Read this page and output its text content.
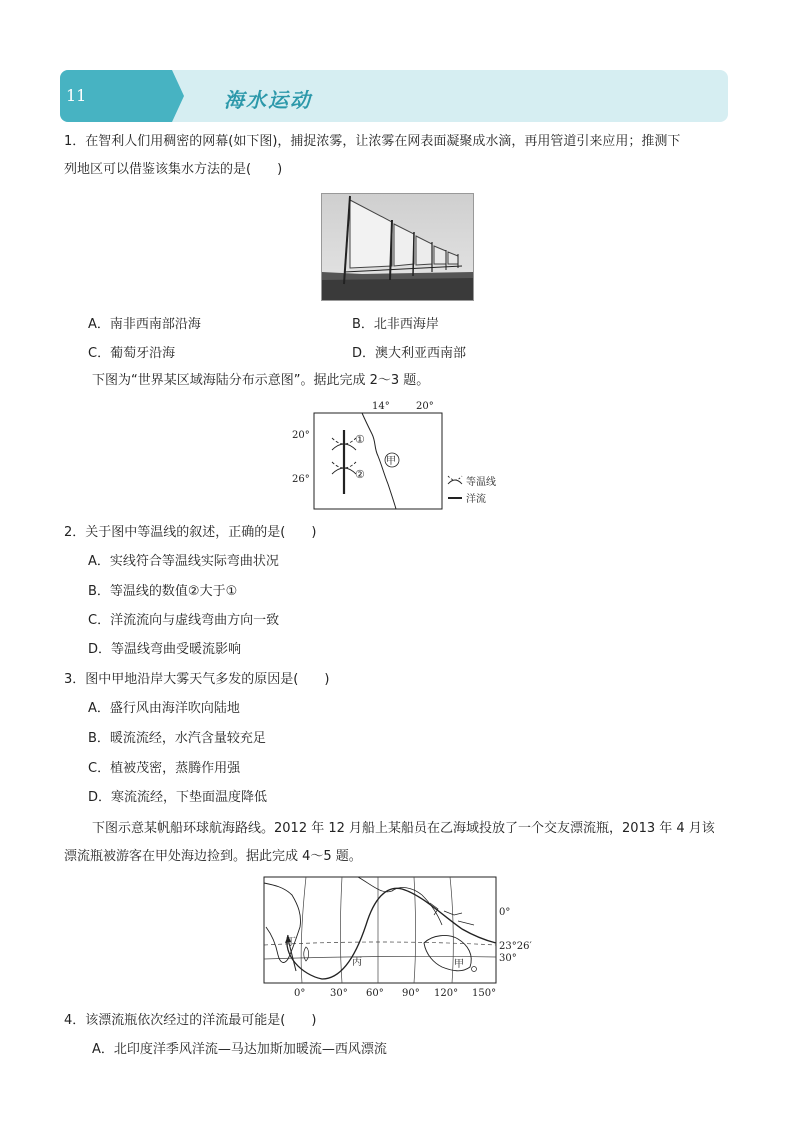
11	海水运动
1．在智利人们用稠密的网幕(如下图)，捕捉浓雾，让浓雾在网表面凝聚成水滴，再用管道引来应用；推测下
列地区可以借鉴该集水方法的是(　　)
A．南非西南部沿海	B．北非西海岸
C．葡萄牙沿海	D．澳大利亚西南部
下图为“世界某区域海陆分布示意图”。据此完成 2～3 题。
14°	20°
20°
26°
①
②
甲
等温线
洋流
2．关于图中等温线的叙述，正确的是(　　)
A．实线符合等温线实际弯曲状况
B．等温线的数值②大于①
C．洋流流向与虚线弯曲方向一致
D．等温线弯曲受暖流影响
3．图中甲地沿岸大雾天气多发的原因是(　　)
A．盛行风由海洋吹向陆地
B．暖流流经，水汽含量较充足
C．植被茂密，蒸腾作用强
D．寒流流经，下垫面温度降低
下图示意某帆船环球航海路线。2012 年 12 月船上某船员在乙海域投放了一个交友漂流瓶，2013 年 4 月该
漂流瓶被游客在甲处海边捡到。据此完成 4～5 题。
丁
丙	甲
0° 30° 60° 90° 120° 150°
0°
23°26′
30°
4．该漂流瓶依次经过的洋流最可能是(　　)
A．北印度洋季风洋流—马达加斯加暖流—西风漂流
